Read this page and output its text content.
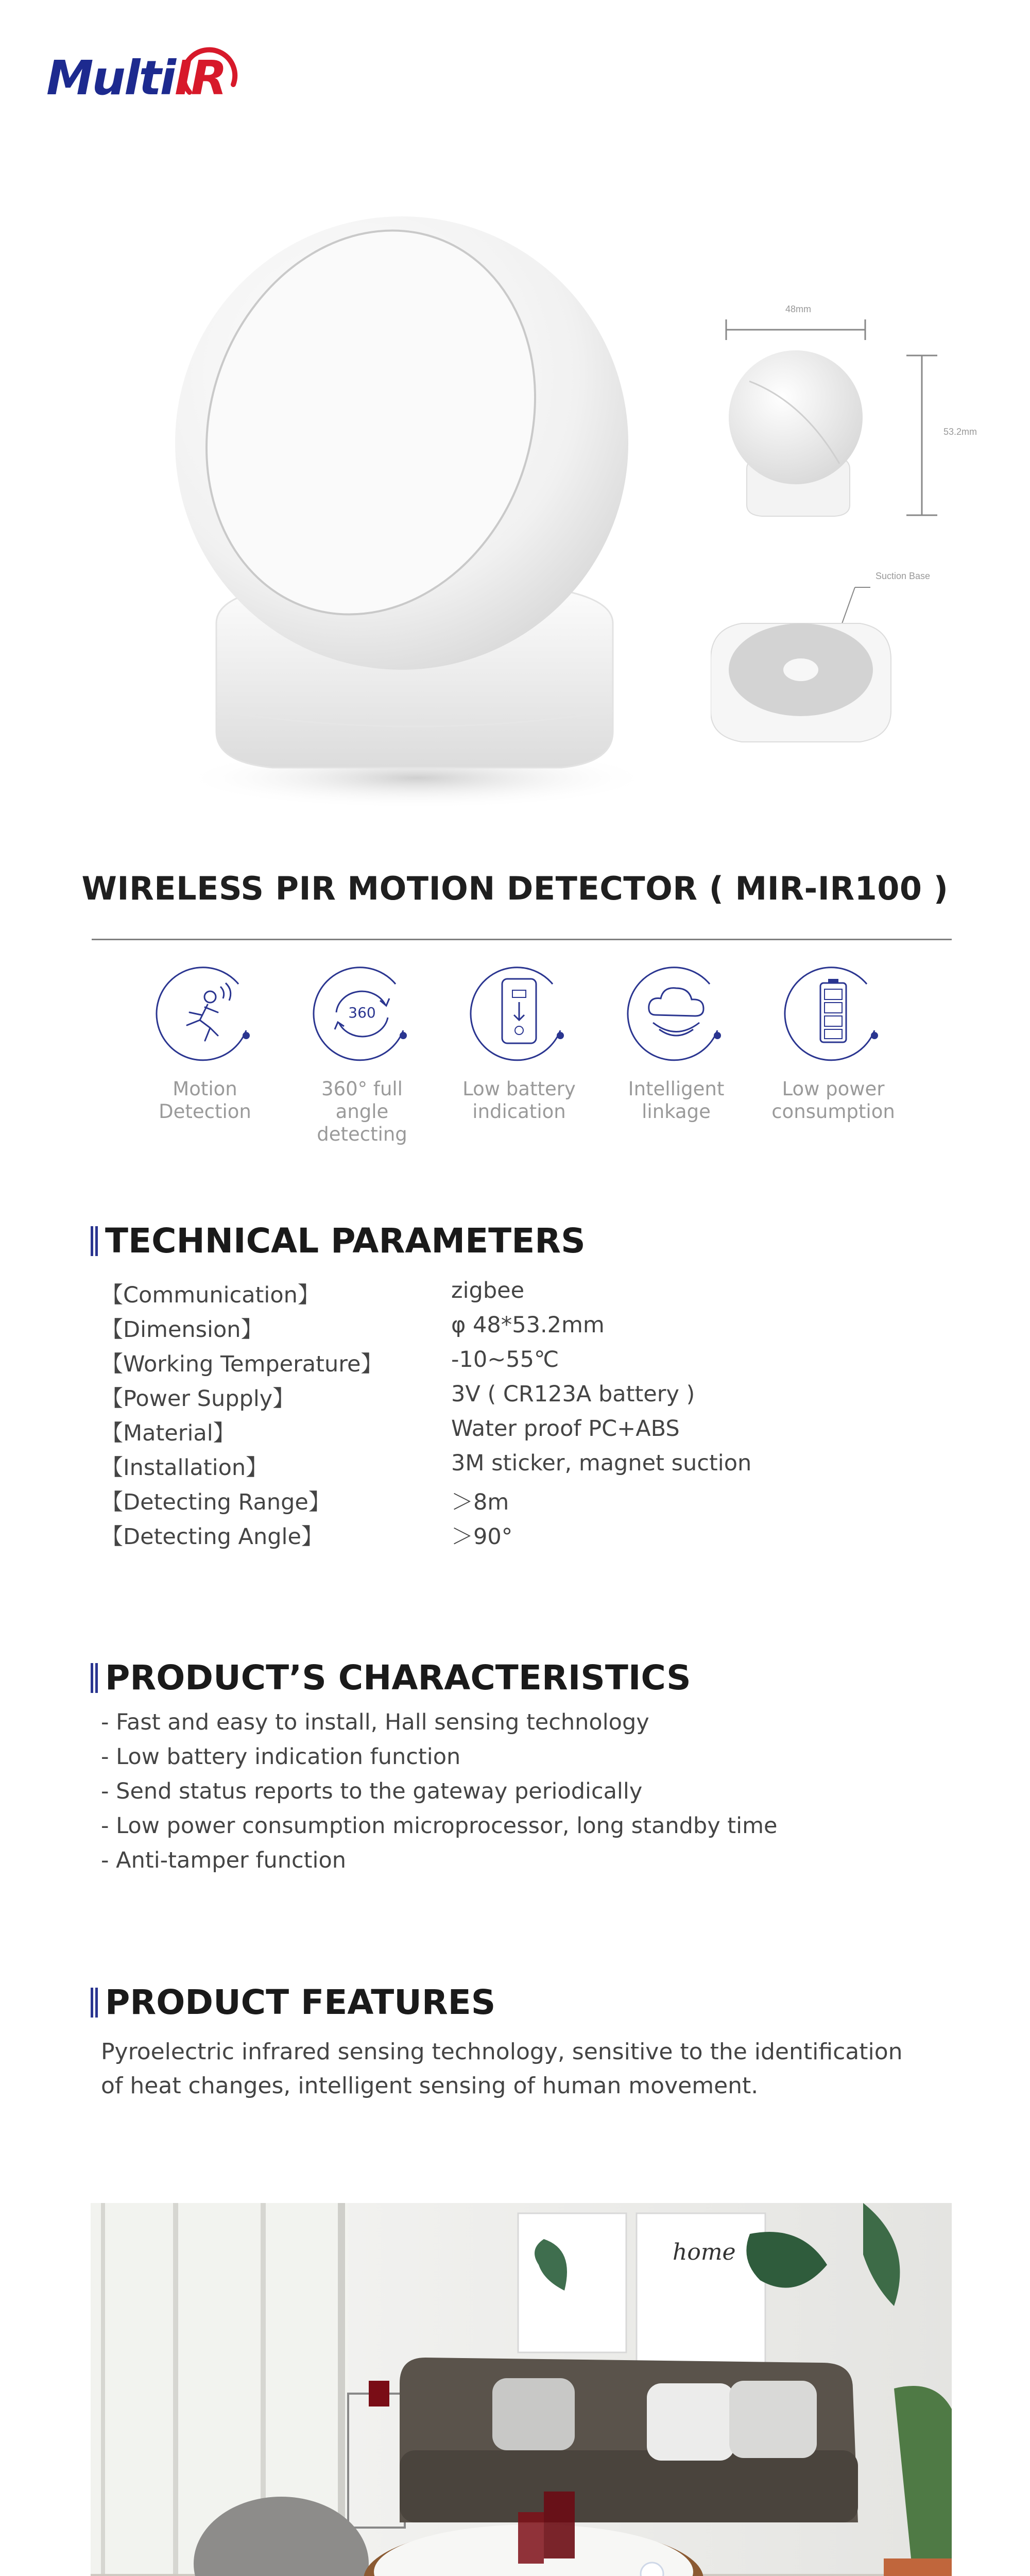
MultiIR
48mm
53.2mm
Suction Base
WIRELESS PIR MOTION DETECTOR ( MIR-IR100 )
Motion
Detection
360
360° full
angle detecting
Low battery
indication
Intelligent
linkage
Low power
consumption
TECHNICAL PARAMETERS
【Communication】	zigbee
【Dimension】	φ 48*53.2mm
【Working Temperature】	-10~55℃
【Power Supply】	3V ( CR123A battery )
【Material】	Water proof PC+ABS
【Installation】	3M sticker, magnet suction
【Detecting Range】	＞8m
【Detecting Angle】	＞90°
PRODUCT’S CHARACTERISTICS
- Fast and easy to install, Hall sensing technology
- Low battery indication function
- Send status reports to the gateway periodically
- Low power consumption microprocessor, long standby time
- Anti-tamper function
PRODUCT FEATURES
Pyroelectric infrared sensing technology, sensitive to the identification
of heat changes, intelligent sensing of human movement.
home
